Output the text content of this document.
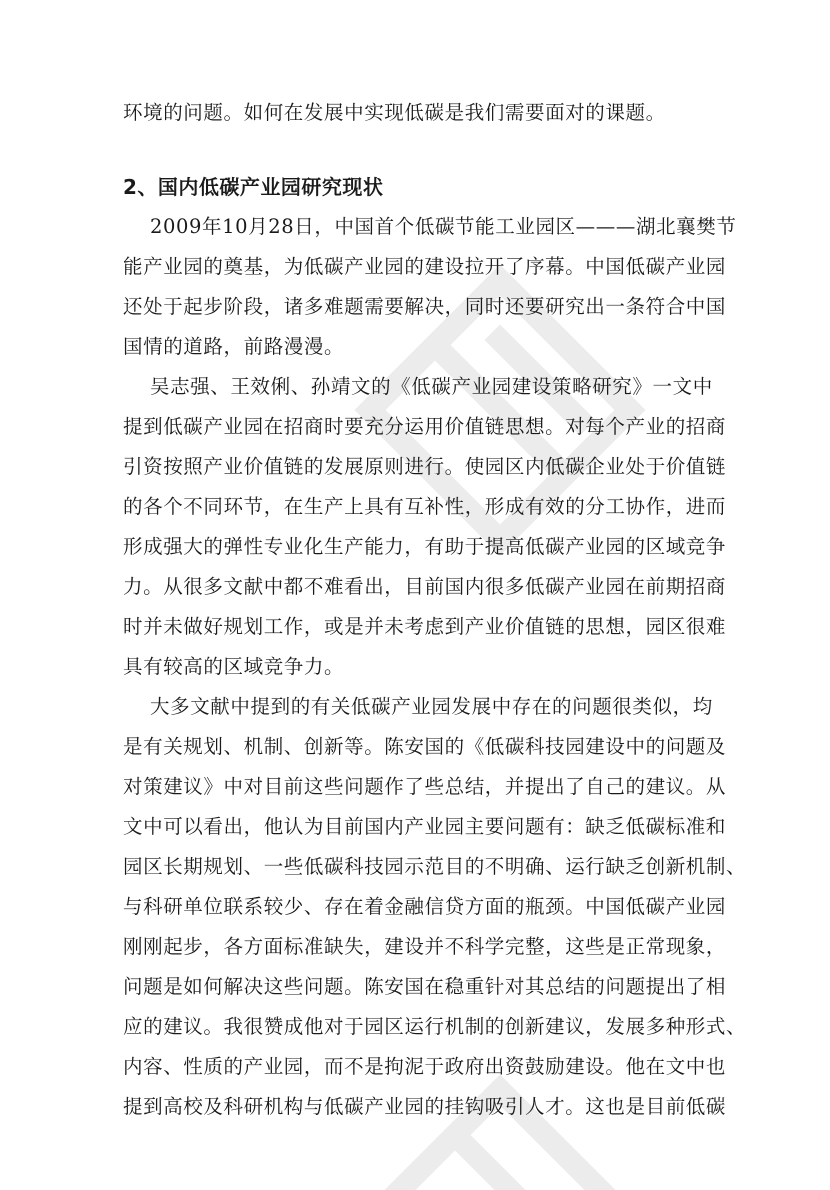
环境的问题。如何在发展中实现低碳是我们需要面对的课题。
2、国内低碳产业园研究现状
2009年10月28日，中国首个低碳节能工业园区———湖北襄樊节
能产业园的奠基，为低碳产业园的建设拉开了序幕。中国低碳产业园
还处于起步阶段，诸多难题需要解决，同时还要研究出一条符合中国
国情的道路，前路漫漫。
吴志强、王效俐、孙靖文的《低碳产业园建设策略研究》一文中
提到低碳产业园在招商时要充分运用价值链思想。对每个产业的招商
引资按照产业价值链的发展原则进行。使园区内低碳企业处于价值链
的各个不同环节，在生产上具有互补性，形成有效的分工协作，进而
形成强大的弹性专业化生产能力，有助于提高低碳产业园的区域竞争
力。从很多文献中都不难看出，目前国内很多低碳产业园在前期招商
时并未做好规划工作，或是并未考虑到产业价值链的思想，园区很难
具有较高的区域竞争力。
大多文献中提到的有关低碳产业园发展中存在的问题很类似，均
是有关规划、机制、创新等。陈安国的《低碳科技园建设中的问题及
对策建议》中对目前这些问题作了些总结，并提出了自己的建议。从
文中可以看出，他认为目前国内产业园主要问题有：缺乏低碳标准和
园区长期规划、一些低碳科技园示范目的不明确、运行缺乏创新机制、
与科研单位联系较少、存在着金融信贷方面的瓶颈。中国低碳产业园
刚刚起步，各方面标准缺失，建设并不科学完整，这些是正常现象，
问题是如何解决这些问题。陈安国在稳重针对其总结的问题提出了相
应的建议。我很赞成他对于园区运行机制的创新建议，发展多种形式、
内容、性质的产业园，而不是拘泥于政府出资鼓励建设。他在文中也
提到高校及科研机构与低碳产业园的挂钩吸引人才。这也是目前低碳
